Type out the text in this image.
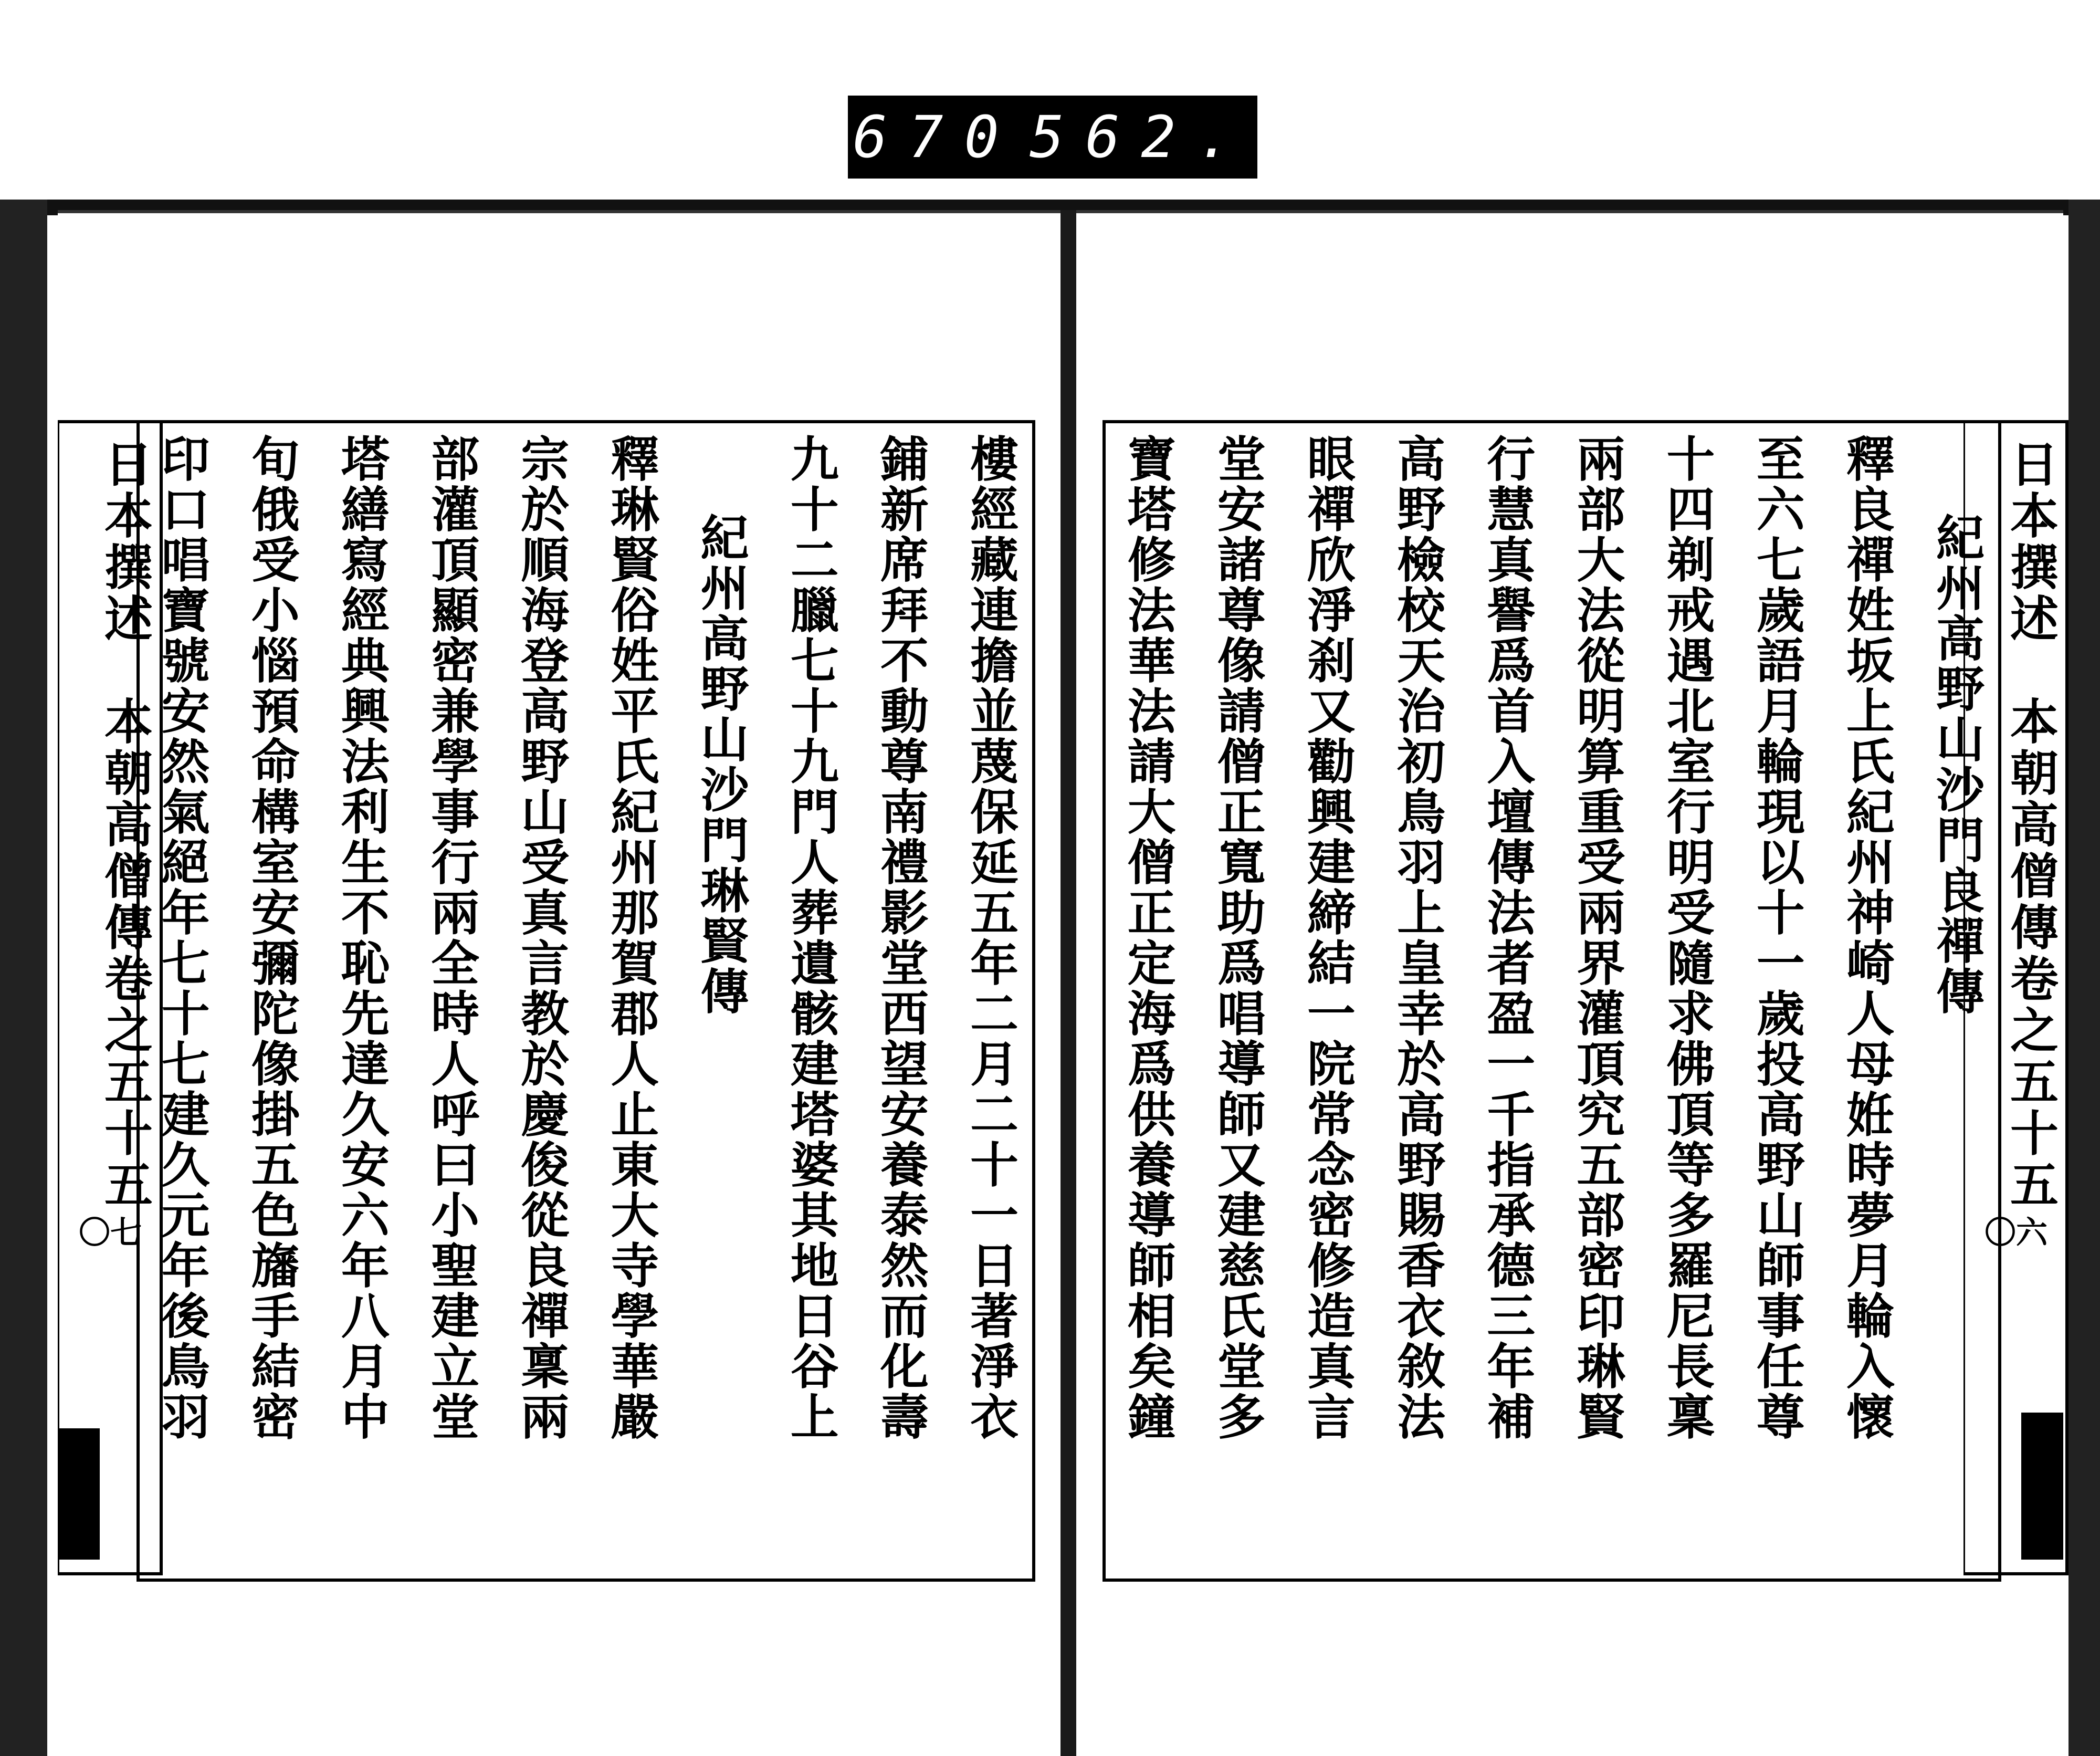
670 562.
日本撰述　本朝高僧傳卷之五十五
〇七	樓經藏連擔並蔑保延五年二月二十一日著淨衣
鋪新席拜不動尊南禮影堂西望安養泰然而化壽
九十二臘七十九門人葬遺骸建塔婆其地日谷上
紀州高野山沙門琳賢傳
釋琳賢俗姓平氏紀州那賀郡人止東大寺學華嚴
宗於順海登高野山受真言教於慶俊從良禪稟兩
部灌頂顯密兼學事行兩全時人呼曰小聖建立堂
塔繕寫經典興法利生不恥先達久安六年八月中
旬俄受小惱預命構室安彌陀像掛五色旛手結密
印口唱寶號安然氣絕年七十七建久元年後鳥羽	日本撰述　本朝高僧傳卷之五十五
〇六
紀州高野山沙門良禪傳
釋良禪姓坂上氏紀州神崎人母姙時夢月輪入懷
至六七歲語月輪現以十一歲投高野山師事任尊
十四剃戒遇北室行明受隨求佛頂等多羅尼長稟
兩部大法從明算重受兩界灌頂究五部密印琳賢
行慧真譽爲首入壇傳法者盈一千指承德三年補
高野檢校天治初鳥羽上皇幸於高野賜香衣敘法
眼禪欣淨刹又勸興建締結一院常念密修造真言
堂安諸尊像請僧正寬助爲唱導師又建慈氏堂多
寶塔修法華法請大僧正定海爲供養導師相矣鐘
